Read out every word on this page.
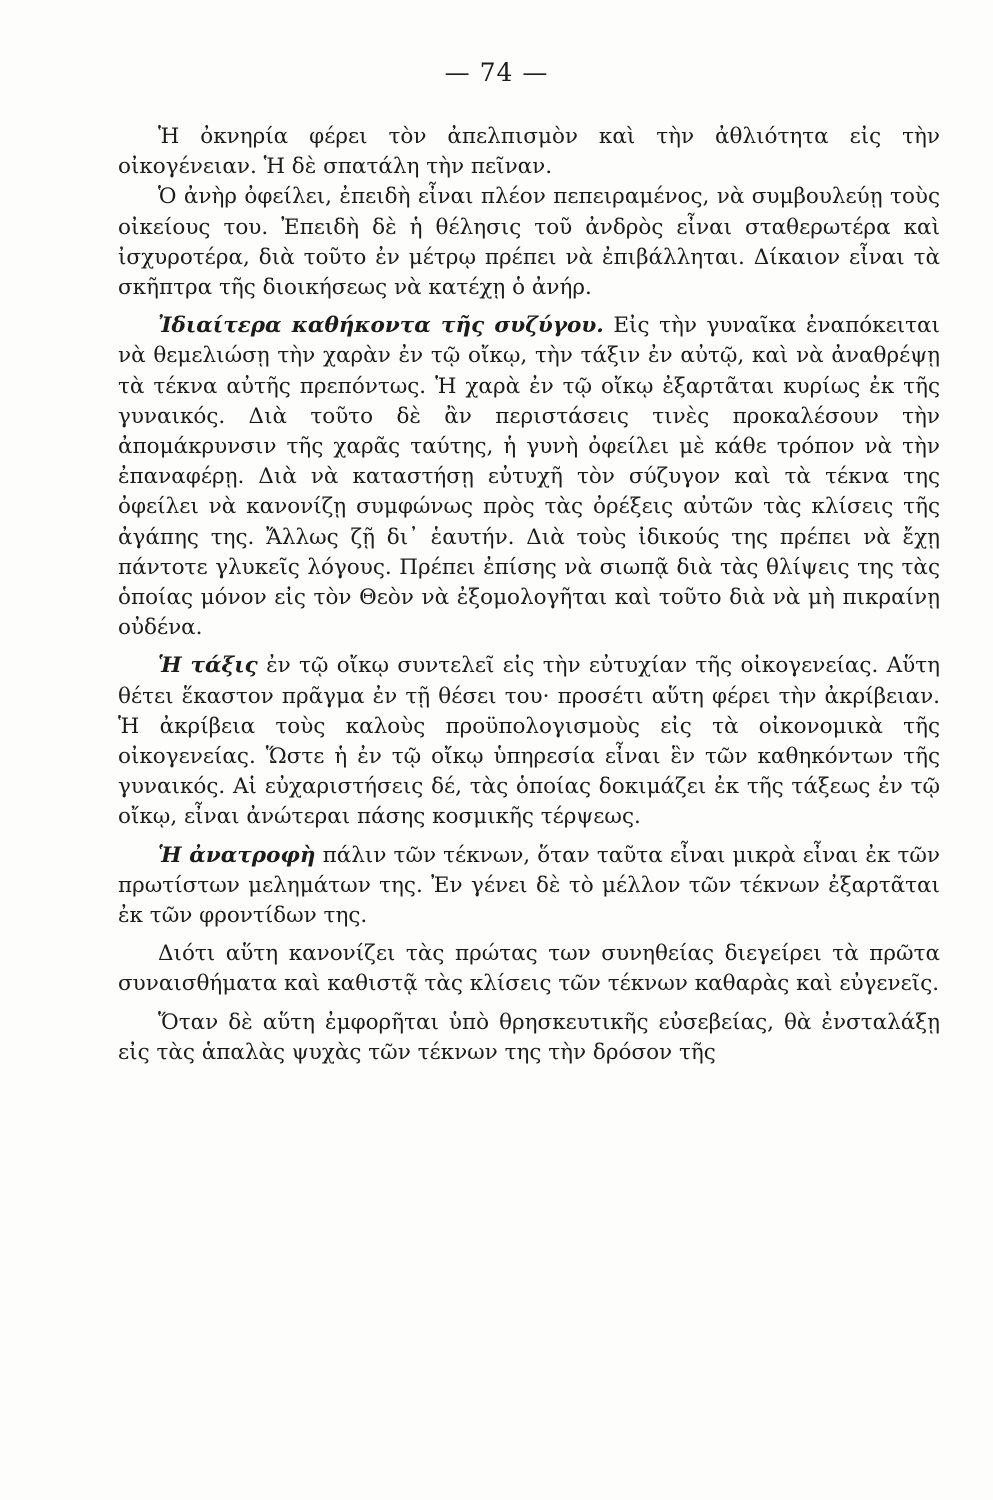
— 74 —

Ἡ ὀκνηρία φέρει τὸν ἀπελπισμὸν καὶ τὴν ἀθλιότητα εἰς τὴν οἰκογένειαν. Ἡ δὲ σπατάλη τὴν πεῖναν.

Ὁ ἀνὴρ ὀφείλει, ἐπειδὴ εἶναι πλέον πεπειραμένος, νὰ συμβουλεύῃ τοὺς οἰκείους του. Ἐπειδὴ δὲ ἡ θέλησις τοῦ ἀνδρὸς εἶναι σταθερωτέρα καὶ ἰσχυροτέρα, διὰ τοῦτο ἐν μέτρῳ πρέπει νὰ ἐπιβάλληται. Δίκαιον εἶναι τὰ σκῆπτρα τῆς διοικήσεως νὰ κατέχῃ ὁ ἀνήρ.

Ἰδιαίτερα καθήκοντα τῆς συζύγου. Εἰς τὴν γυναῖκα ἐναπόκειται νὰ θεμελιώσῃ τὴν χαρὰν ἐν τῷ οἴκῳ, τὴν τάξιν ἐν αὐτῷ, καὶ νὰ ἀναθρέψῃ τὰ τέκνα αὐτῆς πρεπόντως. Ἡ χαρὰ ἐν τῷ οἴκῳ ἐξαρτᾶται κυρίως ἐκ τῆς γυναικός. Διὰ τοῦτο δὲ ἂν περιστάσεις τινὲς προκαλέσουν τὴν ἀπομάκρυνσιν τῆς χαρᾶς ταύτης, ἡ γυνὴ ὀφείλει μὲ κάθε τρόπον νὰ τὴν ἐπαναφέρῃ. Διὰ νὰ καταστήσῃ εὐτυχῆ τὸν σύζυγον καὶ τὰ τέκνα της ὀφείλει νὰ κανονίζῃ συμφώνως πρὸς τὰς ὀρέξεις αὐτῶν τὰς κλίσεις τῆς ἀγάπης της. Ἄλλως ζῇ δι᾽ ἑαυτήν. Διὰ τοὺς ἰδικούς της πρέπει νὰ ἔχῃ πάντοτε γλυκεῖς λόγους. Πρέπει ἐπίσης νὰ σιωπᾷ διὰ τὰς θλίψεις της τὰς ὁποίας μόνον εἰς τὸν Θεὸν νὰ ἐξομολογῆται καὶ τοῦτο διὰ νὰ μὴ πικραίνῃ οὐδένα.

Ἡ τάξις ἐν τῷ οἴκῳ συντελεῖ εἰς τὴν εὐτυχίαν τῆς οἰκογενείας. Αὕτη θέτει ἕκαστον πρᾶγμα ἐν τῇ θέσει του· προσέτι αὕτη φέρει τὴν ἀκρίβειαν. Ἡ ἀκρίβεια τοὺς καλοὺς προϋπολογισμοὺς εἰς τὰ οἰκονομικὰ τῆς οἰκογενείας. Ὥστε ἡ ἐν τῷ οἴκῳ ὑπηρεσία εἶναι ἓν τῶν καθηκόντων τῆς γυναικός. Αἱ εὐχαριστήσεις δέ, τὰς ὁποίας δοκιμάζει ἐκ τῆς τάξεως ἐν τῷ οἴκῳ, εἶναι ἀνώτεραι πάσης κοσμικῆς τέρψεως.

Ἡ ἀνατροφὴ πάλιν τῶν τέκνων, ὅταν ταῦτα εἶναι μικρὰ εἶναι ἐκ τῶν πρωτίστων μελημάτων της. Ἐν γένει δὲ τὸ μέλλον τῶν τέκνων ἐξαρτᾶται ἐκ τῶν φροντίδων της.

Διότι αὕτη κανονίζει τὰς πρώτας των συνηθείας διεγείρει τὰ πρῶτα συναισθήματα καὶ καθιστᾷ τὰς κλίσεις τῶν τέκνων καθαρὰς καὶ εὐγενεῖς.

Ὅταν δὲ αὕτη ἐμφορῆται ὑπὸ θρησκευτικῆς εὐσεβείας, θὰ ἐνσταλάξῃ εἰς τὰς ἁπαλὰς ψυχὰς τῶν τέκνων της τὴν δρόσον τῆς
